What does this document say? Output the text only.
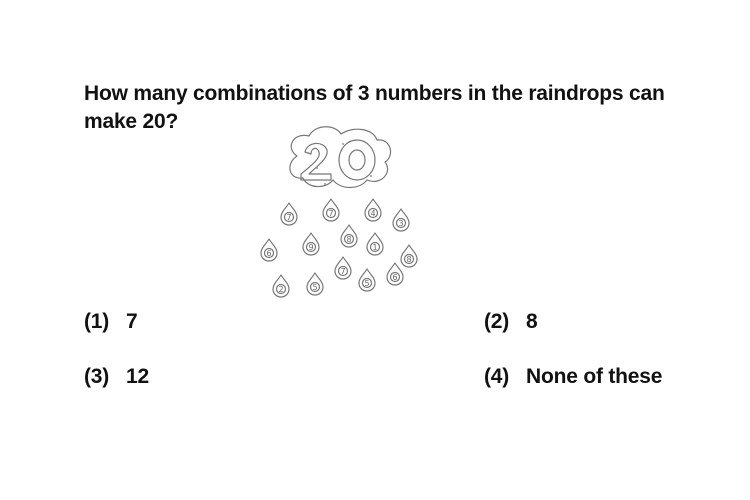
How many combinations of 3 numbers in the raindrops can make 20?
7	7	4
3
8
6
9	1
8
7
2	5	5
6
(1) 7	(2) 8
(3) 12	(4) None of these
